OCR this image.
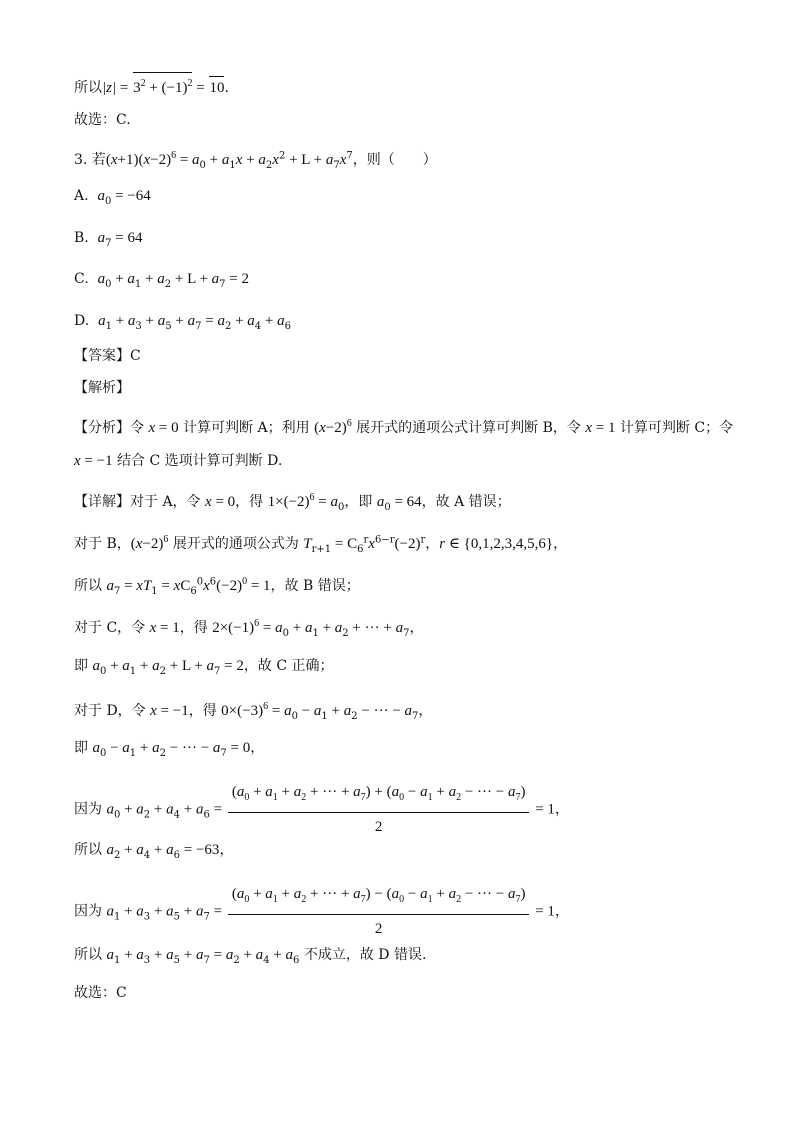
所以$|z| = 3^2 + (-1)^2 = 10$.
故选：C.
3. 若$(x+1)(x-2)^6 = a_0 + a_1x + a_2x^2 + L + a_7x^7$，则（　　）
A.  $a_0 = -64$
B.  $a_7 = 64$
C.  $a_0 + a_1 + a_2 + L + a_7 = 2$
D.  $a_1 + a_3 + a_5 + a_7 = a_2 + a_4 + a_6$
【答案】C
【解析】
【分析】令 x = 0 计算可判断 A；利用 $(x-2)^6$ 展开式的通项公式计算可判断 B，令 x = 1 计算可判断 C；令
x = −1 结合 C 选项计算可判断 D.
【详解】对于 A，令 x = 0，得 $1\times(-2)^6 = a_0$，即 $a_0 = 64$，故 A 错误；
对于 B，$(x-2)^6$ 展开式的通项公式为 $T_{r+1} = C_6^rx^{6-r}(-2)^r$，r ∈ {0,1,2,3,4,5,6}，
所以 $a_7 = xT_1 = xC_6^0x^6(-2)^0 = 1$，故 B 错误；
对于 C，令 x = 1，得 $2\times(-1)^6 = a_0 + a_1 + a_2$ + ··· + $a_7$，
即 $a_0 + a_1 + a_2 + L + a_7 = 2$，故 C 正确；
对于 D，令 x = −1，得 $0\times(-3)^6 = a_0 - a_1 + a_2$ − ··· − $a_7$，
即 $a_0 - a_1 + a_2$ − ··· − $a_7 = 0$，
因为 $a_0 + a_2 + a_4 + a_6 = \frac{(a_0 + a_1 + a_2 + \cdot\cdot\cdot + a_7) + (a_0 - a_1 + a_2 - \cdot\cdot\cdot - a_7)}{2} = 1$，
所以 $a_2 + a_4 + a_6 = -63$，
因为 $a_1 + a_3 + a_5 + a_7 = \frac{(a_0 + a_1 + a_2 + \cdot\cdot\cdot + a_7) - (a_0 - a_1 + a_2 - \cdot\cdot\cdot - a_7)}{2} = 1$，
所以 $a_1 + a_3 + a_5 + a_7 = a_2 + a_4 + a_6$ 不成立，故 D 错误.
故选：C
